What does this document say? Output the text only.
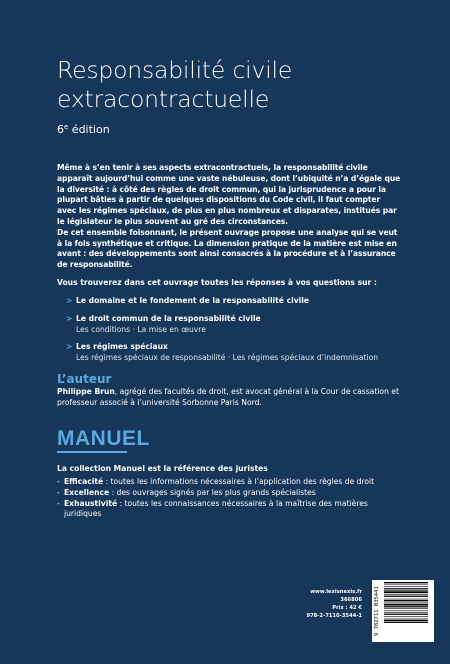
Responsabilité civile
extracontractuelle
6e édition

Même à s’en tenir à ses aspects extracontractuels, la responsabilité civile apparaît aujourd’hui comme une vaste nébuleuse, dont l’ubiquité n’a d’égale que la diversité : à côté des règles de droit commun, qui la jurisprudence a pour la plupart bâties à partir de quelques dispositions du Code civil, il faut compter avec les régimes spéciaux, de plus en plus nombreux et disparates, institués par le législateur le plus souvent au gré des circonstances.

De cet ensemble foisonnant, le présent ouvrage propose une analyse qui se veut à la fois synthétique et critique. La dimension pratique de la matière est mise en avant : des développements sont ainsi consacrés à la procédure et à l’assurance de responsabilité.

Vous trouverez dans cet ouvrage toutes les réponses à vos questions sur :
> Le domaine et le fondement de la responsabilité civile
> Le droit commun de la responsabilité civile
Les conditions · La mise en œuvre
> Les régimes spéciaux
Les régimes spéciaux de responsabilité · Les régimes spéciaux d’indemnisation
L’auteur
Philippe Brun, agrégé des facultés de droit, est avocat général à la Cour de cassation et professeur associé à l’université Sorbonne Paris Nord.
MANUEL
La collection Manuel est la référence des juristes
- Efficacité : toutes les informations nécessaires à l’application des règles de droit
- Excellence : des ouvrages signés par les plus grands spécialistes
- Exhaustivité : toutes les connaissances nécessaires à la maîtrise des matières juridiques
www.lexisnexis.fr
366806
Prix : 42 €
978-2-7110-3544-1 9 782711 035441
